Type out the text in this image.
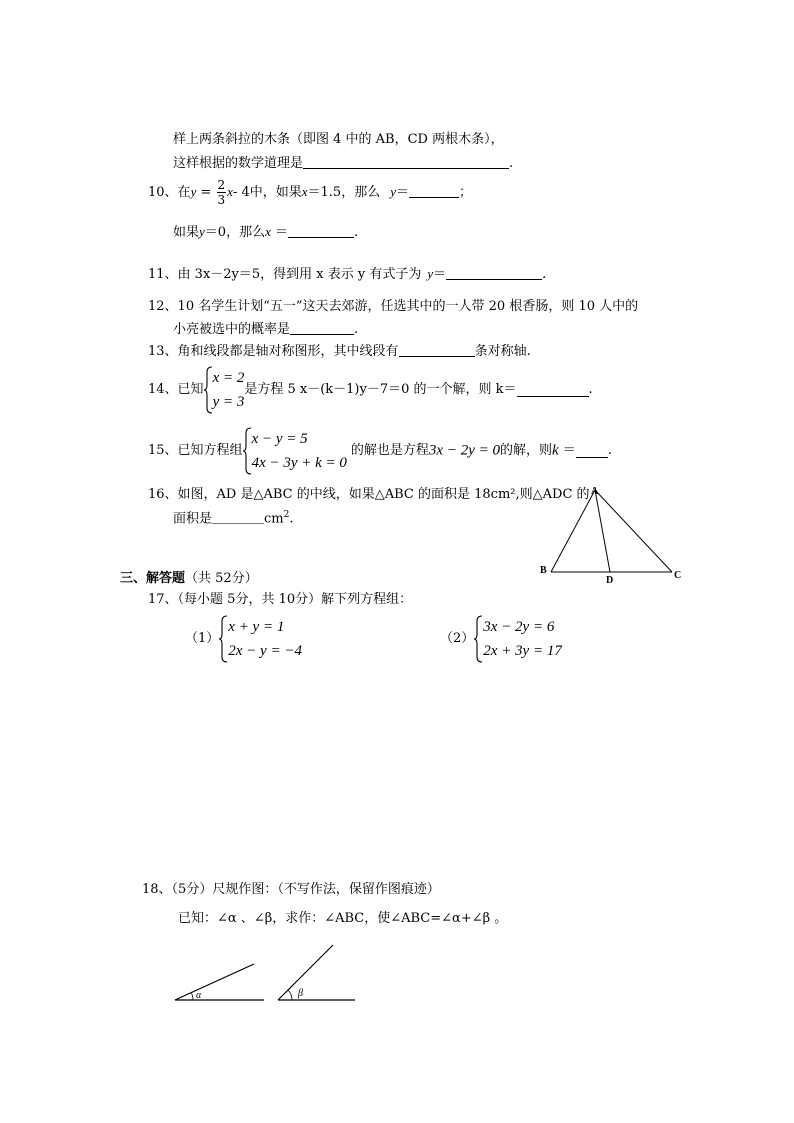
样上两条斜拉的木条（即图 4 中的 AB，CD 两根木条），
这样根据的数学道理是	.
10、在$y = \frac{2}{3} x-$ 4中，如果x＝1.5，那么 y＝	；
如果y＝0，那么x ＝	.
11、由 3x－2y＝5，得到用 x 表示 y 有式子为 y＝	.
12、10 名学生计划“五一”这天去郊游，任选其中的一人带 20 根香肠，则 10 人中的
小亮被选中的概率是	.
13、角和线段都是轴对称图形，其中线段有	条对称轴.
14、已知
x = 2
y = 3
是方程 5 x－(k－1)y－7＝0 的一个解，则 k＝	.
15、已知方程组
x − y = 5
4x − 3y + k = 0
的解也是方程3x − 2y = 0的解，则k ＝ .
16、如图，AD 是△ABC 的中线，如果△ABC 的面积是 18cm²,则△ADC 的
面积是$\_\_\_\_cm^2$.
A
B	C
D
三、解答题（共 52分）
17、（每小题 5分，共 10分）解下列方程组：
（1）
x + y = 1
2x − y = −4
（2）
3x − 2y = 6
2x + 3y = 17
18、（5分）尺规作图：（不写作法，保留作图痕迹）
已知：∠α 、∠β，求作：∠ABC，使∠ABC=∠α+∠β 。
α	β
